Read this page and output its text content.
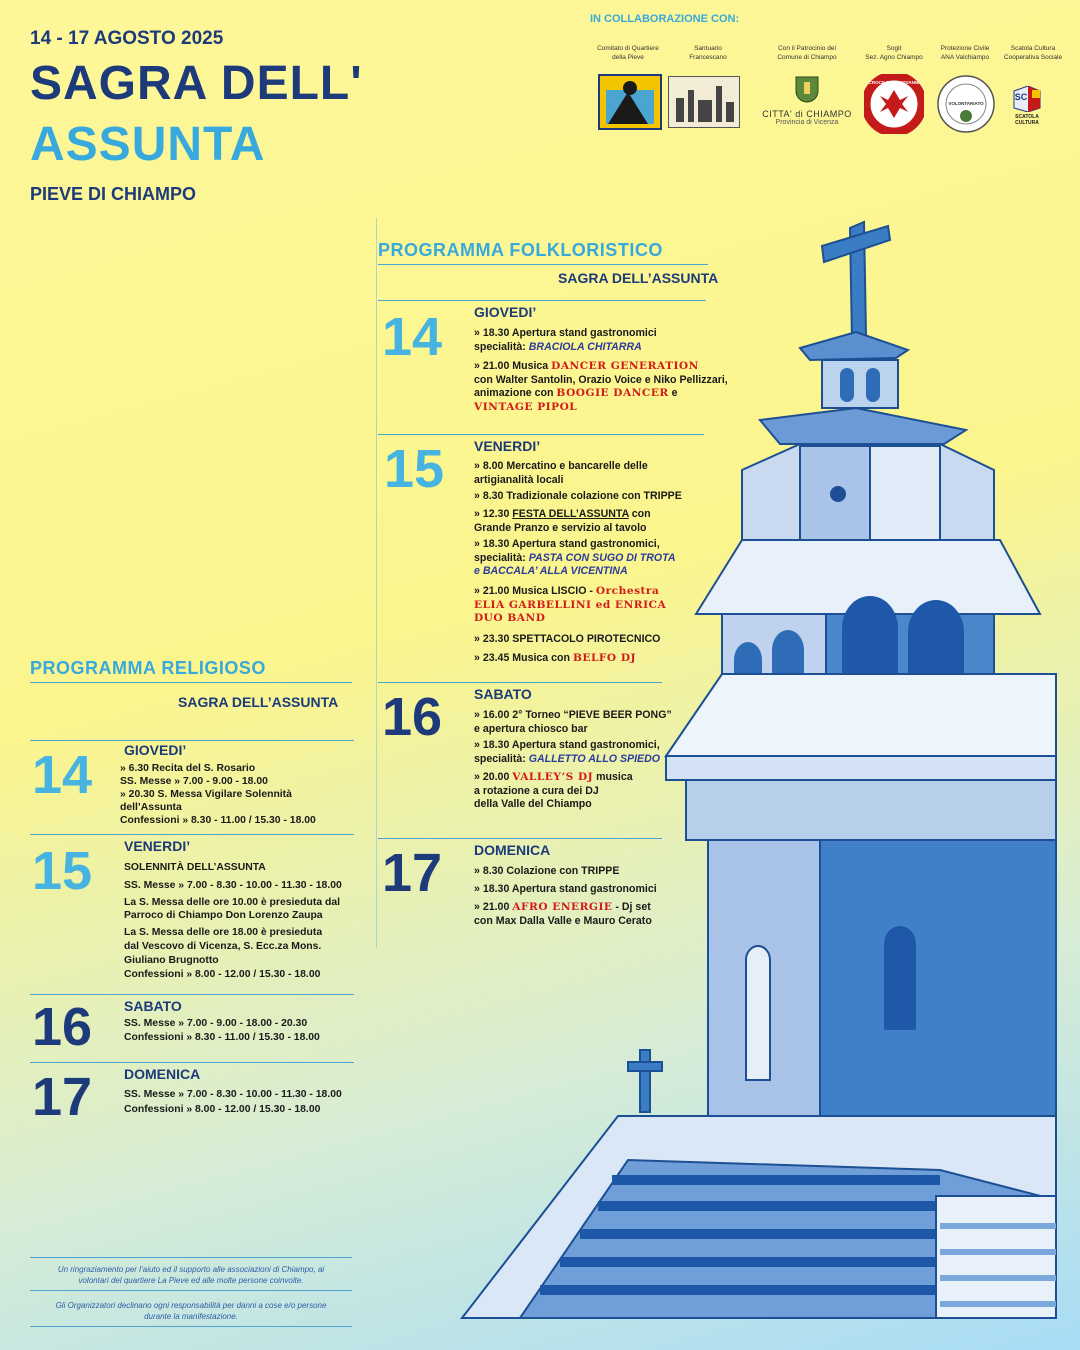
14 - 17 AGOSTO 2025
SAGRA DELL'
ASSUNTA
PIEVE DI CHIAMPO
IN COLLABORAZIONE CON:
Comitato di Quartiere
della Pieve
Santuario
Francescano
Con il Patrocinio del
Comune di Chiampo
Sogit
Sez. Agno Chiampo
Protezione Civile
ANA Valchiampo
Scatola Cultura
Cooperativa Sociale
CITTA' di CHIAMPO
Provincia di Vicenza
CROCE DI S. GIOVANNI
S.O.G.I.T.
VOLONTARIATO
SC
SCATOLA
CULTURA
PROGRAMMA FOLKLORISTICO
SAGRA DELL’ASSUNTA
14 GIOVEDI’
» 18.30 Apertura stand gastronomici
specialità: BRACIOLA CHITARRA
» 21.00 Musica DANCER GENERATION
con Walter Santolin, Orazio Voice e Niko Pellizzari,
animazione con BOOGIE DANCER e
VINTAGE PIPOL
15 VENERDI’
» 8.00 Mercatino e bancarelle delle
artigianalità locali
» 8.30 Tradizionale colazione con TRIPPE
» 12.30 FESTA DELL’ASSUNTA con
Grande Pranzo e servizio al tavolo
» 18.30 Apertura stand gastronomici,
specialità: PASTA CON SUGO DI TROTA
e BACCALA’ ALLA VICENTINA
» 21.00 Musica LISCIO - Orchestra
ELIA GARBELLINI ed ENRICA
DUO BAND
» 23.30 SPETTACOLO PIROTECNICO
» 23.45 Musica con BELFO DJ
16 SABATO
» 16.00 2° Torneo “PIEVE BEER PONG”
e apertura chiosco bar
» 18.30 Apertura stand gastronomici,
specialità: GALLETTO ALLO SPIEDO
» 20.00 VALLEY’S DJ musica
a rotazione a cura dei DJ
della Valle del Chiampo
17 DOMENICA
» 8.30 Colazione con TRIPPE
» 18.30 Apertura stand gastronomici
» 21.00 AFRO ENERGIE - Dj set
con Max Dalla Valle e Mauro Cerato
PROGRAMMA RELIGIOSO
SAGRA DELL’ASSUNTA
14 GIOVEDI’
» 6.30 Recita del S. Rosario
SS. Messe » 7.00 - 9.00 - 18.00
» 20.30 S. Messa Vigilare Solennità
dell’Assunta
Confessioni » 8.30 - 11.00 / 15.30 - 18.00
15 VENERDI’
SOLENNITÀ DELL’ASSUNTA
SS. Messe » 7.00 - 8.30 - 10.00 - 11.30 - 18.00
La S. Messa delle ore 10.00 è presieduta dal
Parroco di Chiampo Don Lorenzo Zaupa
La S. Messa delle ore 18.00 è presieduta
dal Vescovo di Vicenza, S. Ecc.za Mons.
Giuliano Brugnotto
Confessioni » 8.00 - 12.00 / 15.30 - 18.00
16 SABATO
SS. Messe » 7.00 - 9.00 - 18.00 - 20.30
Confessioni » 8.30 - 11.00 / 15.30 - 18.00
17 DOMENICA
SS. Messe » 7.00 - 8.30 - 10.00 - 11.30 - 18.00
Confessioni » 8.00 - 12.00 / 15.30 - 18.00
Un ringraziamento per l’aiuto ed il supporto alle associazioni di Chiampo, ai
volontari del quartiere La Pieve ed alle molte persone coinvolte.
Gli Organizzatori declinano ogni responsabilità per danni a cose e/o persone
durante la manifestazione.
